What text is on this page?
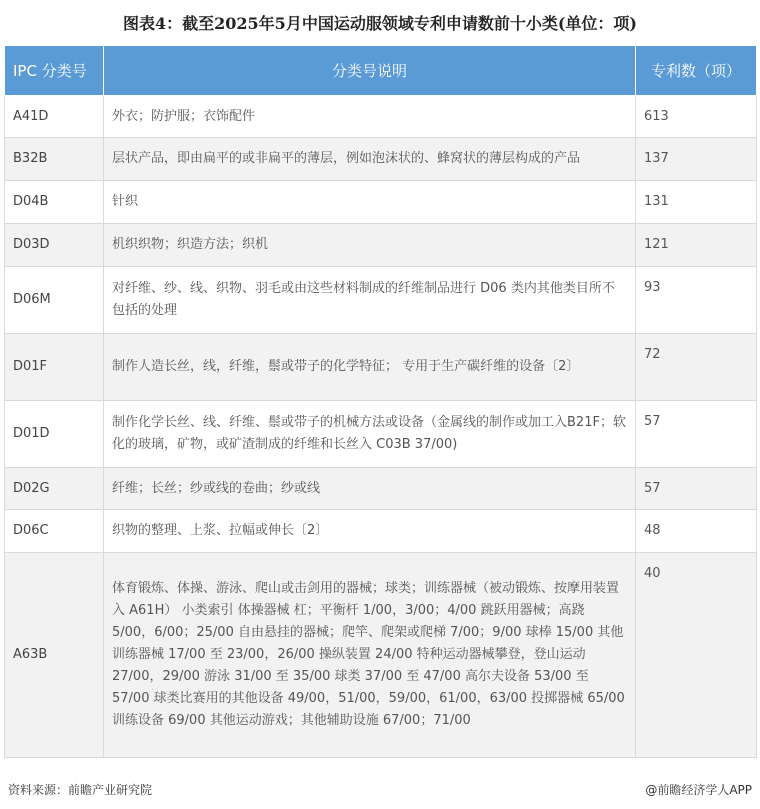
图表4：截至2025年5月中国运动服领域专利申请数前十小类(单位：项)
IPC 分类号	分类号说明	专利数（项）
A41D	外衣；防护服；衣饰配件	613
B32B	层状产品，即由扁平的或非扁平的薄层，例如泡沫状的、蜂窝状的薄层构成的产品	137
D04B	针织	131
D03D	机织织物；织造方法；织机	121
D06M	对纤维、纱、线、织物、羽毛或由这些材料制成的纤维制品进行 D06 类内其他类目所不包括的处理	93
D01F	制作人造长丝，线，纤维，鬃或带子的化学特征； 专用于生产碳纤维的设备〔2〕	72
D01D	制作化学长丝、线、纤维、鬃或带子的机械方法或设备（金属线的制作或加工入B21F；软化的玻璃，矿物，或矿渣制成的纤维和长丝入 C03B 37/00)	57
D02G	纤维；长丝；纱或线的卷曲；纱或线	57
D06C	织物的整理、上浆、拉幅或伸长〔2〕	48
A63B	体育锻炼、体操、游泳、爬山或击剑用的器械；球类；训练器械（被动锻炼、按摩用装置入 A61H） 小类索引 体操器械 杠；平衡杆 1/00，3/00；4/00 跳跃用器械；高跷 5/00，6/00；25/00 自由悬挂的器械；爬竿、爬架或爬梯 7/00；9/00 球棒 15/00 其他训练器械 17/00 至 23/00，26/00 操纵装置 24/00 特种运动器械攀登，登山运动 27/00，29/00 游泳 31/00 至 35/00 球类 37/00 至 47/00 高尔夫设备 53/00 至 57/00 球类比赛用的其他设备 49/00，51/00，59/00，61/00，63/00 投掷器械 65/00 训练设备 69/00 其他运动游戏；其他辅助设施 67/00；71/00	40
资料来源：前瞻产业研究院	@前瞻经济学人APP
